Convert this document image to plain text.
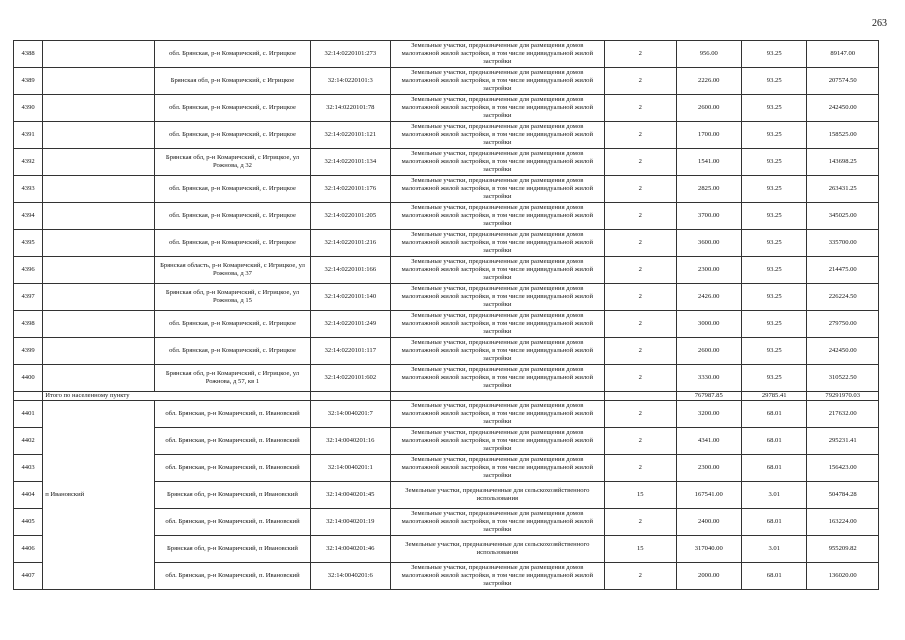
263
4388		обл. Брянская, р-н Комаричский, с. Игрицкое	32:14:0220101:273	Земельные участки, предназначенные для размещения домов малоэтажной жилой застройки, в том числе индивидуальной жилой застройки	2	956.00	93.25	89147.00
4389		Брянская обл, р-н Комаричский, с Игрицкое	32:14:0220101:3	Земельные участки, предназначенные для размещения домов малоэтажной жилой застройки, в том числе индивидуальной жилой застройки	2	2226.00	93.25	207574.50
4390		обл. Брянская, р-н Комаричский, с. Игрицкое	32:14:0220101:78	Земельные участки, предназначенные для размещения домов малоэтажной жилой застройки, в том числе индивидуальной жилой застройки	2	2600.00	93.25	242450.00
4391		обл. Брянская, р-н Комаричский, с. Игрицкое	32:14:0220101:121	Земельные участки, предназначенные для размещения домов малоэтажной жилой застройки, в том числе индивидуальной жилой застройки	2	1700.00	93.25	158525.00
4392		Брянская обл, р-н Комаричский, с Игрицкое, ул Рожнова, д 32	32:14:0220101:134	Земельные участки, предназначенные для размещения домов малоэтажной жилой застройки, в том числе индивидуальной жилой застройки	2	1541.00	93.25	143698.25
4393		обл. Брянская, р-н Комаричский, с. Игрицкое	32:14:0220101:176	Земельные участки, предназначенные для размещения домов малоэтажной жилой застройки, в том числе индивидуальной жилой застройки	2	2825.00	93.25	263431.25
4394		обл. Брянская, р-н Комаричский, с. Игрицкое	32:14:0220101:205	Земельные участки, предназначенные для размещения домов малоэтажной жилой застройки, в том числе индивидуальной жилой застройки	2	3700.00	93.25	345025.00
4395		обл. Брянская, р-н Комаричский, с. Игрицкое	32:14:0220101:216	Земельные участки, предназначенные для размещения домов малоэтажной жилой застройки, в том числе индивидуальной жилой застройки	2	3600.00	93.25	335700.00
4396		Брянская область, р-н Комаричский, с Игрицкое, ул Рожнова, д 37	32:14:0220101:166	Земельные участки, предназначенные для размещения домов малоэтажной жилой застройки, в том числе индивидуальной жилой застройки	2	2300.00	93.25	214475.00
4397		Брянская обл, р-н Комаричский, с Игрицкое, ул Рожнова, д 15	32:14:0220101:140	Земельные участки, предназначенные для размещения домов малоэтажной жилой застройки, в том числе индивидуальной жилой застройки	2	2426.00	93.25	226224.50
4398		обл. Брянская, р-н Комаричский, с. Игрицкое	32:14:0220101:249	Земельные участки, предназначенные для размещения домов малоэтажной жилой застройки, в том числе индивидуальной жилой застройки	2	3000.00	93.25	279750.00
4399		обл. Брянская, р-н Комаричский, с. Игрицкое	32:14:0220101:117	Земельные участки, предназначенные для размещения домов малоэтажной жилой застройки, в том числе индивидуальной жилой застройки	2	2600.00	93.25	242450.00
4400		Брянская обл, р-н Комаричский, с Игрицкое, ул Рожнова, д 57, кв 1	32:14:0220101:602	Земельные участки, предназначенные для размещения домов малоэтажной жилой застройки, в том числе индивидуальной жилой застройки	2	3330.00	93.25	310522.50
	Итого по населенному пункту					767987.85	29785.41	79291970.03
4401	п Ивановский	обл. Брянская, р-н Комаричский, п. Ивановский	32:14:0040201:7	Земельные участки, предназначенные для размещения домов малоэтажной жилой застройки, в том числе индивидуальной жилой застройки	2	3200.00	68.01	217632.00
4402		обл. Брянская, р-н Комаричский, п. Ивановский	32:14:0040201:16	Земельные участки, предназначенные для размещения домов малоэтажной жилой застройки, в том числе индивидуальной жилой застройки	2	4341.00	68.01	295231.41
4403		обл. Брянская, р-н Комаричский, п. Ивановский	32:14:0040201:1	Земельные участки, предназначенные для размещения домов малоэтажной жилой застройки, в том числе индивидуальной жилой застройки	2	2300.00	68.01	156423.00
4404		Брянская обл, р-н Комаричский, п Ивановский	32:14:0040201:45	Земельные участки, предназначенные для сельскохозяйственного использования	15	167541.00	3.01	504784.28
4405		обл. Брянская, р-н Комаричский, п. Ивановский	32:14:0040201:19	Земельные участки, предназначенные для размещения домов малоэтажной жилой застройки, в том числе индивидуальной жилой застройки	2	2400.00	68.01	163224.00
4406		Брянская обл, р-н Комаричский, п Ивановский	32:14:0040201:46	Земельные участки, предназначенные для сельскохозяйственного использования	15	317040.00	3.01	955209.82
4407		обл. Брянская, р-н Комаричский, п. Ивановский	32:14:0040201:6	Земельные участки, предназначенные для размещения домов малоэтажной жилой застройки, в том числе индивидуальной жилой застройки	2	2000.00	68.01	136020.00
